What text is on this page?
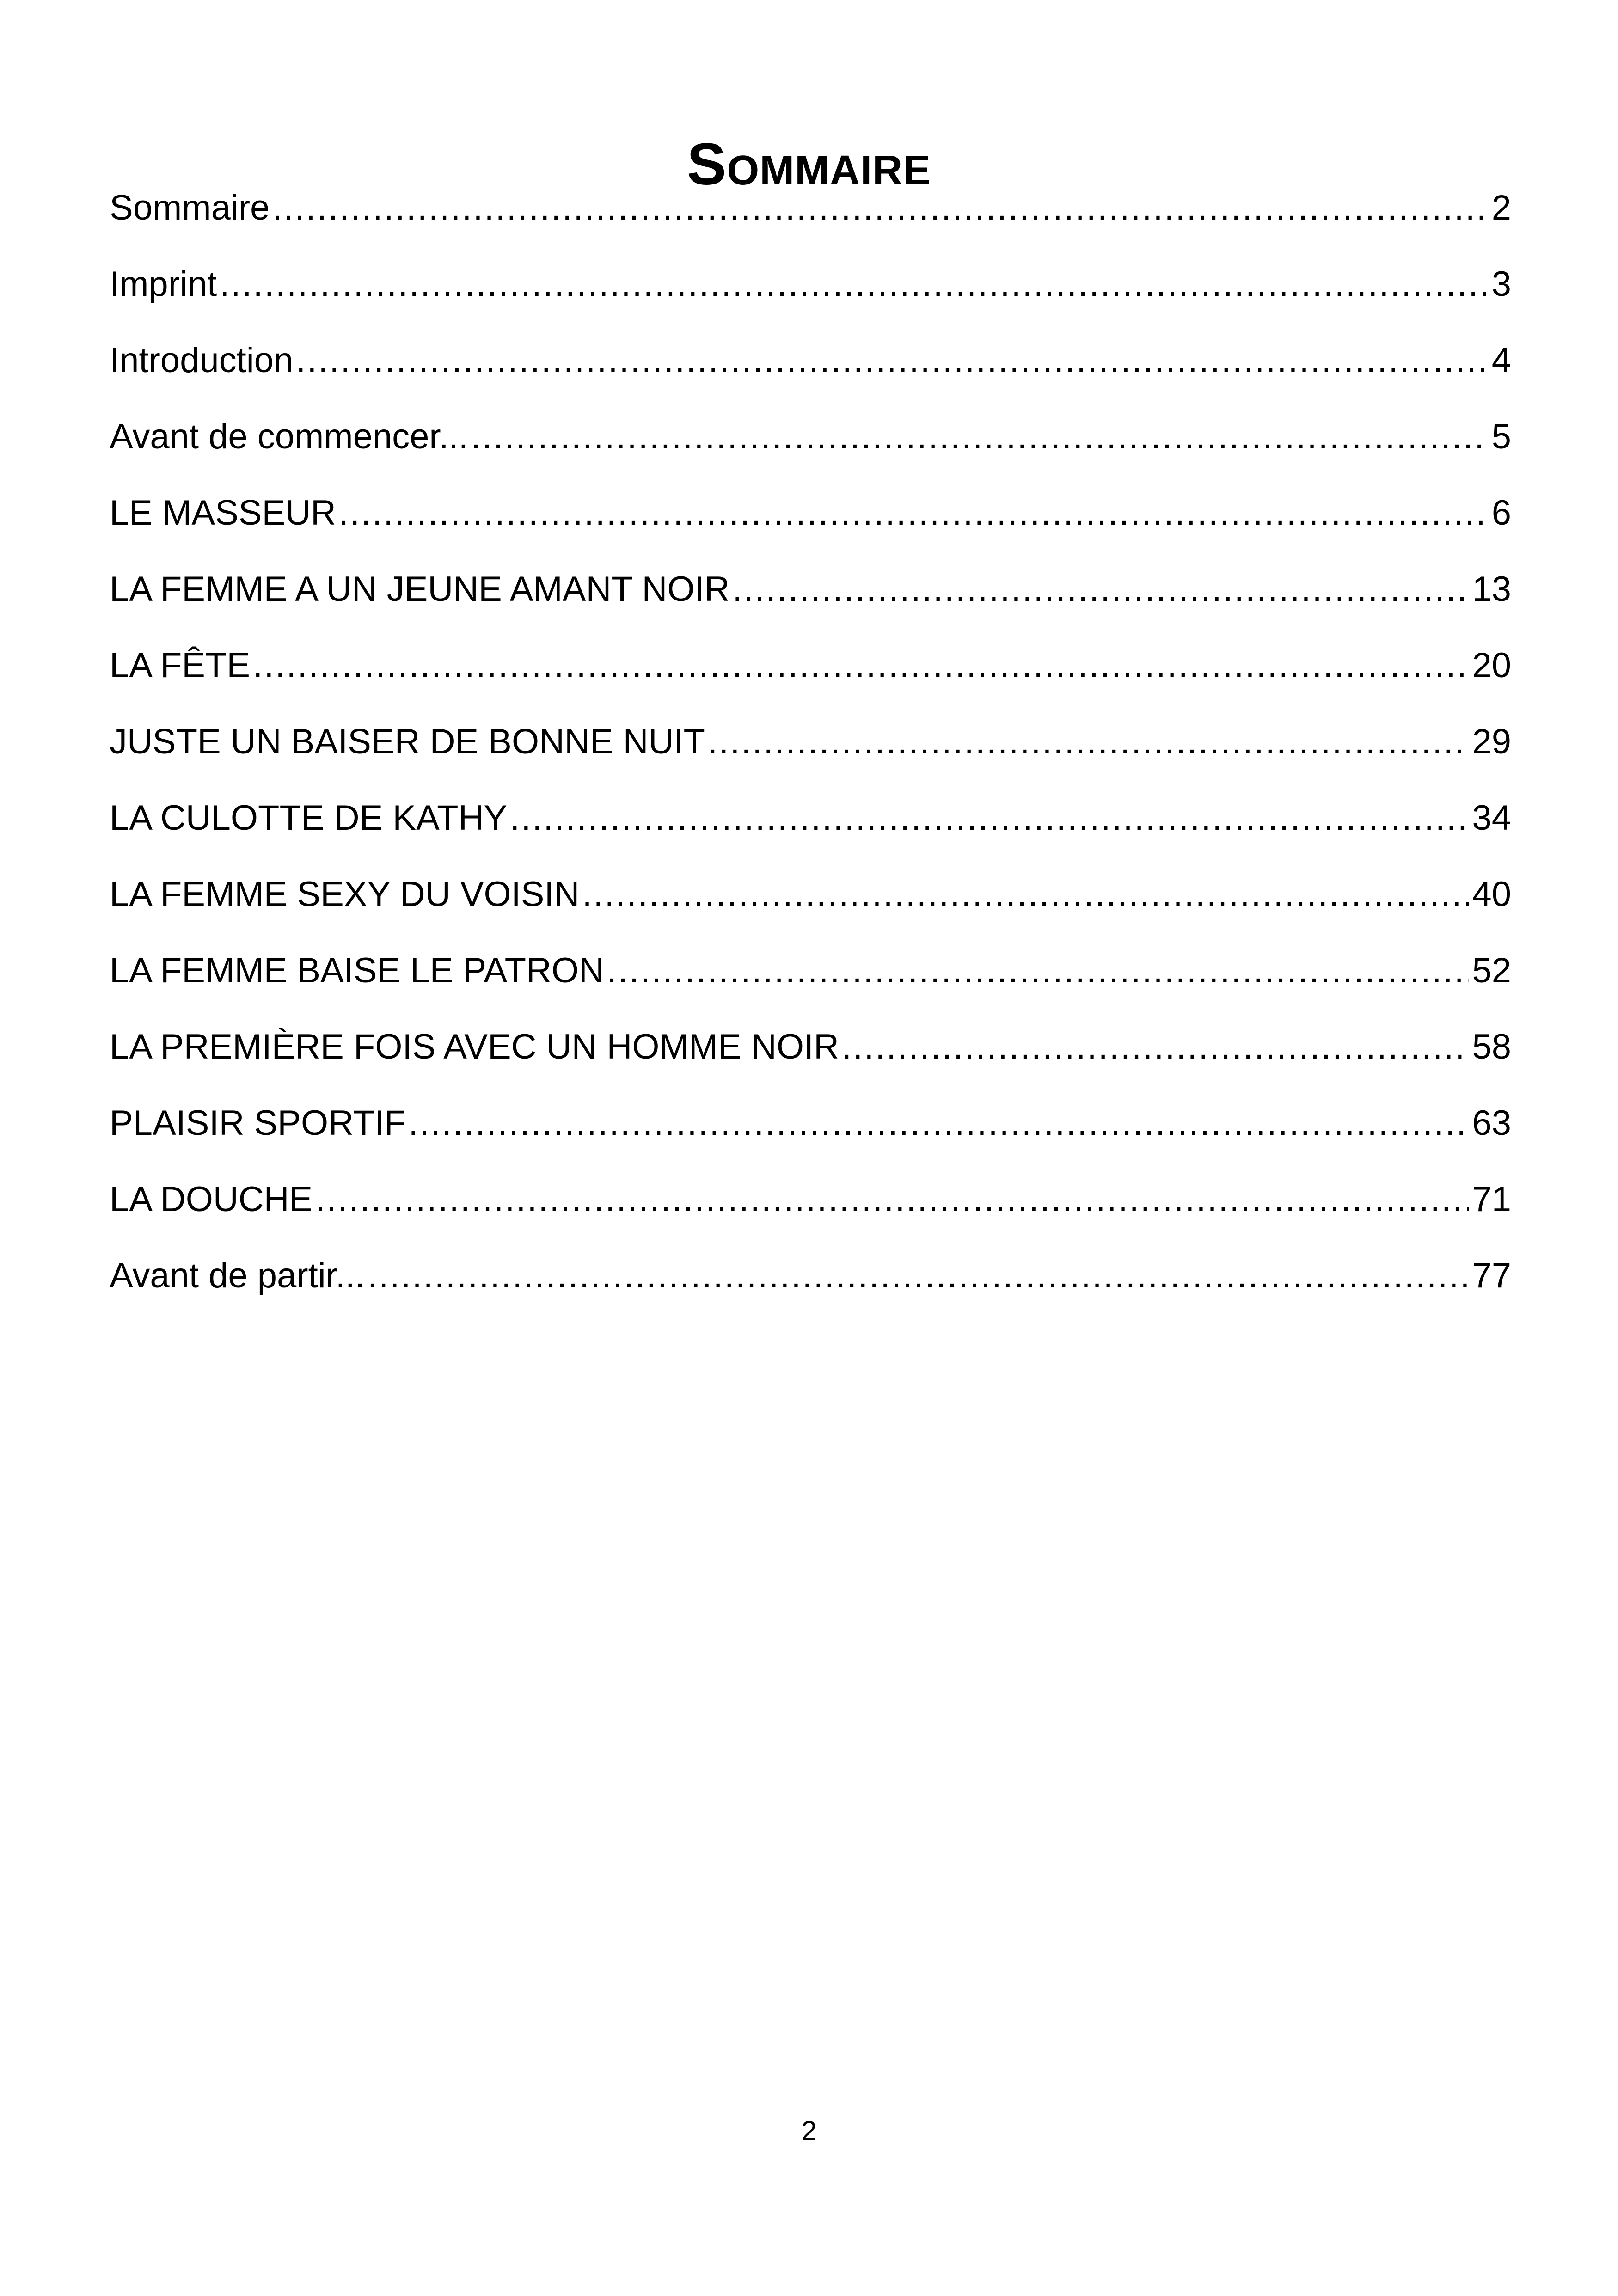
Sommaire
Sommaire .....	2
Imprint .....	3
Introduction .....	4
Avant de commencer... .....	5
LE MASSEUR .....	6
LA FEMME A UN JEUNE AMANT NOIR .....	13
LA FÊTE .....	20
JUSTE UN BAISER DE BONNE NUIT .....	29
LA CULOTTE DE KATHY .....	34
LA FEMME SEXY DU VOISIN .....	40
LA FEMME BAISE LE PATRON .....	52
LA PREMIÈRE FOIS AVEC UN HOMME NOIR .....	58
PLAISIR SPORTIF .....	63
LA DOUCHE .....	71
Avant de partir... .....	77
2
